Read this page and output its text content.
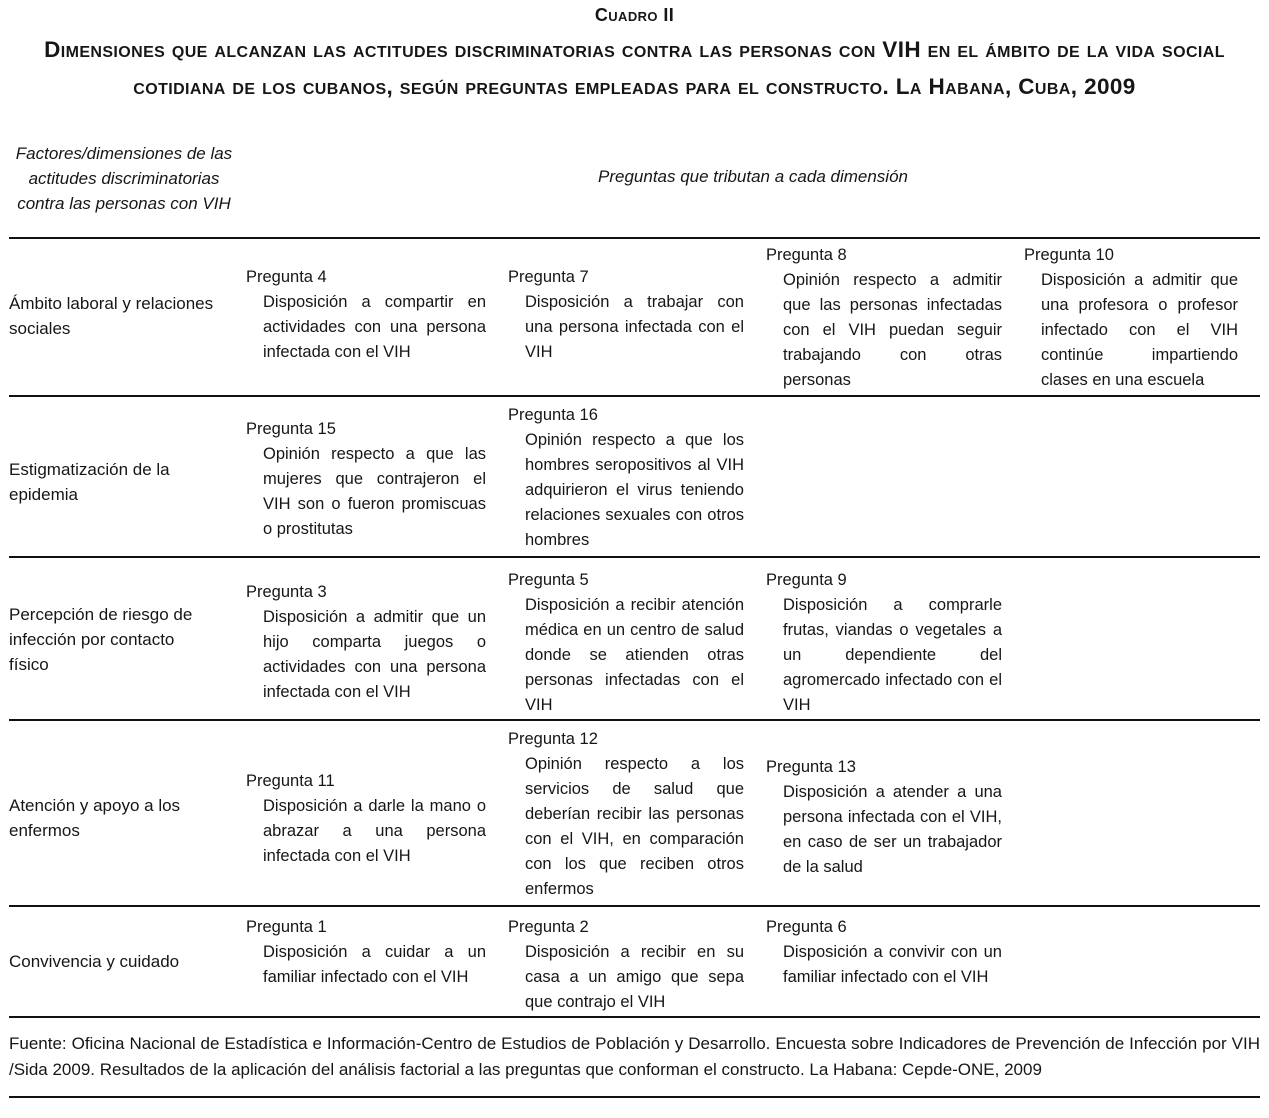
Cuadro II
Dimensiones que alcanzan las actitudes discriminatorias contra las personas con VIH en el ámbito de la vida social cotidiana de los cubanos, según preguntas empleadas para el constructo. La Habana, Cuba, 2009
Factores/dimensiones de las actitudes discriminatorias contra las personas con VIH
Preguntas que tributan a cada dimensión
Ámbito laboral y relaciones sociales
Pregunta 4
Disposición a compartir en actividades con una persona infectada con el VIH
Pregunta 7
Disposición a trabajar con una persona infectada con el VIH
Pregunta 8
Opinión respecto a admitir que las personas infectadas con el VIH puedan seguir trabajando con otras personas
Pregunta 10
Disposición a admitir que una profesora o profesor infectado con el VIH continúe impartiendo clases en una escuela
Estigmatización de la epidemia
Pregunta 15
Opinión respecto a que las mujeres que contrajeron el VIH son o fueron promiscuas o prostitutas
Pregunta 16
Opinión respecto a que los hombres seropositivos al VIH adquirieron el virus teniendo relaciones sexuales con otros hombres
Percepción de riesgo de infección por contacto físico
Pregunta 3
Disposición a admitir que un hijo comparta juegos o actividades con una persona infectada con el VIH
Pregunta 5
Disposición a recibir atención médica en un centro de salud donde se atienden otras personas infectadas con el VIH
Pregunta 9
Disposición a comprarle frutas, viandas o vegetales a un dependiente del agromercado infectado con el VIH
Atención y apoyo a los enfermos
Pregunta 11
Disposición a darle la mano o abrazar a una persona infectada con el VIH
Pregunta 12
Opinión respecto a los servicios de salud que deberían recibir las personas con el VIH, en comparación con los que reciben otros enfermos
Pregunta 13
Disposición a atender a una persona infectada con el VIH, en caso de ser un trabajador de la salud
Convivencia y cuidado
Pregunta 1
Disposición a cuidar a un familiar infectado con el VIH
Pregunta 2
Disposición a recibir en su casa a un amigo que sepa que contrajo el VIH
Pregunta 6
Disposición a convivir con un familiar infectado con el VIH
Fuente: Oficina Nacional de Estadística e Información-Centro de Estudios de Población y Desarrollo. Encuesta sobre Indicadores de Prevención de Infección por VIH /Sida 2009. Resultados de la aplicación del análisis factorial a las preguntas que conforman el constructo. La Habana: Cepde-ONE, 2009
